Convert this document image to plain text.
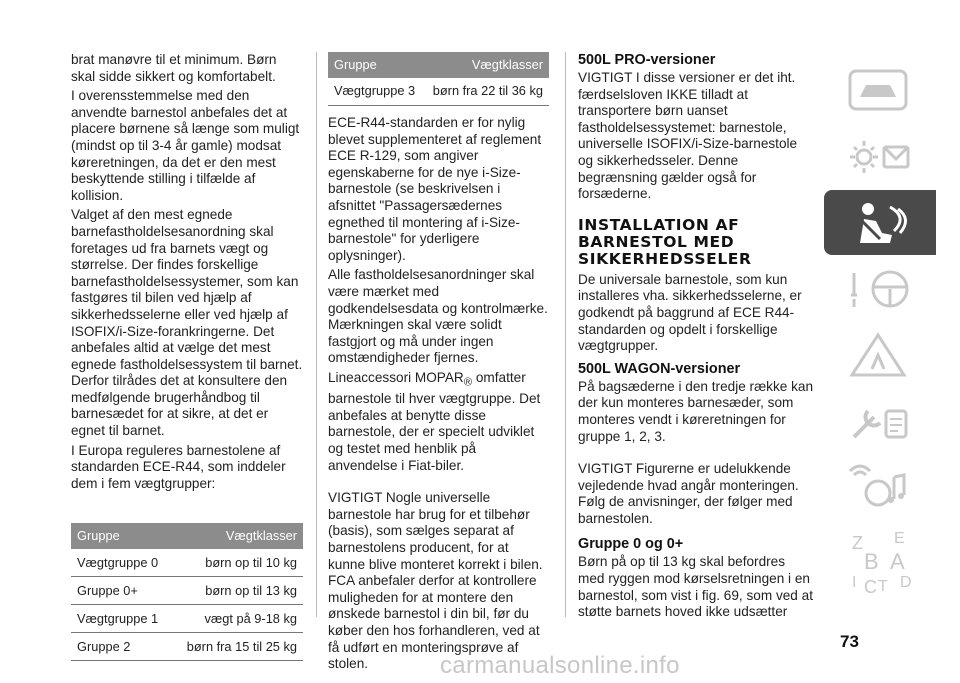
brat manøvre til et minimum. Børn skal sidde sikkert og komfortabelt.

I overensstemmelse med den anvendte barnestol anbefales det at placere børnene så længe som muligt (mindst op til 3-4 år gamle) modsat køreretningen, da det er den mest beskyttende stilling i tilfælde af kollision.

Valget af den mest egnede barnefastholdelsesanordning skal foretages ud fra barnets vægt og størrelse. Der findes forskellige barnefastholdelsessystemer, som kan fastgøres til bilen ved hjælp af sikkerhedsselerne eller ved hjælp af ISOFIX/i-Size-forankringerne. Det anbefales altid at vælge det mest egnede fastholdelsessystem til barnet. Derfor tilrådes det at konsultere den medfølgende brugerhåndbog til barnesædet for at sikre, at det er egnet til barnet.

I Europa reguleres barnestolene af standarden ECE-R44, som inddeler dem i fem vægtgrupper:

Gruppe	Vægtklasser
Vægtgruppe 0	børn op til 10 kg
Gruppe 0+	børn op til 13 kg
Vægtgruppe 1	vægt på 9-18 kg
Gruppe 2	børn fra 15 til 25 kg
Gruppe	Vægtklasser
Vægtgruppe 3	børn fra 22 til 36 kg

ECE-R44-standarden er for nylig blevet supplementeret af reglement ECE R-129, som angiver egenskaberne for de nye i-Size-barnestole (se beskrivelsen i afsnittet "Passagersædernes egnethed til montering af i-Size-barnestole" for yderligere oplysninger).

Alle fastholdelsesanordninger skal være mærket med godkendelsesdata og kontrolmærke. Mærkningen skal være solidt fastgjort og må under ingen omstændigheder fjernes.

Lineaccessori $MOPAR_®$ omfatter barnestole til hver vægtgruppe. Det anbefales at benytte disse barnestole, der er specielt udviklet og testet med henblik på anvendelse i Fiat-biler.

VIGTIGT Nogle universelle barnestole har brug for et tilbehør (basis), som sælges separat af barnestolens producent, for at kunne blive monteret korrekt i bilen. FCA anbefaler derfor at kontrollere muligheden for at montere den ønskede barnestol i din bil, før du køber den hos forhandleren, ved at få udført en monteringsprøve af stolen.

500L PRO-versioner

VIGTIGT I disse versioner er det iht. færdselsloven IKKE tilladt at transportere børn uanset fastholdelsessystemet: barnestole, universelle ISOFIX/i-Size-barnestole og sikkerhedsseler. Denne begrænsning gælder også for forsæderne.

INSTALLATION AF BARNESTOL MED SIKKERHEDSSELER

De universale barnestole, som kun installeres vha. sikkerhedsselerne, er godkendt på baggrund af ECE R44-standarden og opdelt i forskellige vægtgrupper.

500L WAGON-versioner

På bagsæderne i den tredje række kan der kun monteres barnesæder, som monteres vendt i køreretningen for gruppe 1, 2, 3.

VIGTIGT Figurerne er udelukkende vejledende hvad angår monteringen. Følg de anvisninger, der følger med barnestolen.

Gruppe 0 og 0+

Børn på op til 13 kg skal befordres med ryggen mod kørselsretningen i en barnestol, som vist i fig. 69, som ved at støtte barnets hoved ikke udsætter

Z E
B A
I C T D
73
carmanualsonline.info
